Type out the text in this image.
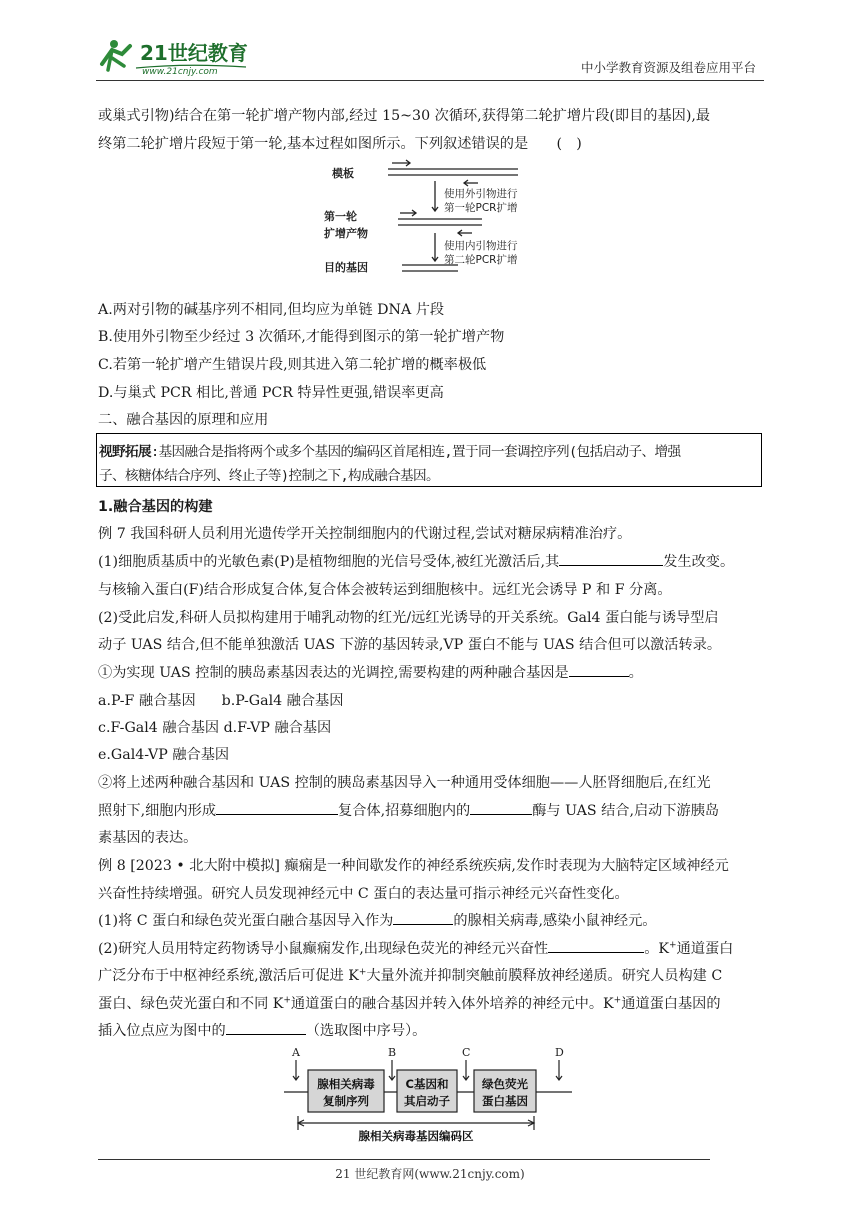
21世纪教育
www.21cnjy.com	中小学教育资源及组卷应用平台
或巢式引物)结合在第一轮扩增产物内部,经过 15~30 次循环,获得第二轮扩增片段(即目的基因),最
终第二轮扩增片段短于第一轮,基本过程如图所示。下列叙述错误的是　　(　)
模板
第一轮
扩增产物
目的基因
使用外引物进行
第一轮PCR扩增
使用内引物进行
第二轮PCR扩增
A.两对引物的碱基序列不相同,但均应为单链 DNA 片段
B.使用外引物至少经过 3 次循环,才能得到图示的第一轮扩增产物
C.若第一轮扩增产生错误片段,则其进入第二轮扩增的概率极低
D.与巢式 PCR 相比,普通 PCR 特异性更强,错误率更高
二、融合基因的原理和应用
视野拓展:基因融合是指将两个或多个基因的编码区首尾相连,置于同一套调控序列(包括启动子、增强
子、核糖体结合序列、终止子等)控制之下,构成融合基因。
1.融合基因的构建
例 7 我国科研人员利用光遗传学开关控制细胞内的代谢过程,尝试对糖尿病精准治疗。
(1)细胞质基质中的光敏色素(P)是植物细胞的光信号受体,被红光激活后,其	发生改变。
与核输入蛋白(F)结合形成复合体,复合体会被转运到细胞核中。远红光会诱导 P 和 F 分离。
(2)受此启发,科研人员拟构建用于哺乳动物的红光/远红光诱导的开关系统。Gal4 蛋白能与诱导型启
动子 UAS 结合,但不能单独激活 UAS 下游的基因转录,VP 蛋白不能与 UAS 结合但可以激活转录。
①为实现 UAS 控制的胰岛素基因表达的光调控,需要构建的两种融合基因是	。
a.P-F 融合基因 b.P-Gal4 融合基因
c.F-Gal4 融合基因 d.F-VP 融合基因
e.Gal4-VP 融合基因
②将上述两种融合基因和 UAS 控制的胰岛素基因导入一种通用受体细胞——人胚肾细胞后,在红光
照射下,细胞内形成	复合体,招募细胞内的	酶与 UAS 结合,启动下游胰岛
素基因的表达。
例 8 [2023 • 北大附中模拟] 癫痫是一种间歇发作的神经系统疾病,发作时表现为大脑特定区域神经元
兴奋性持续增强。研究人员发现神经元中 C 蛋白的表达量可指示神经元兴奋性变化。
(1)将 C 蛋白和绿色荧光蛋白融合基因导入作为	的腺相关病毒,感染小鼠神经元。
(2)研究人员用特定药物诱导小鼠癫痫发作,出现绿色荧光的神经元兴奋性	。K+通道蛋白
广泛分布于中枢神经系统,激活后可促进 K+大量外流并抑制突触前膜释放神经递质。研究人员构建 C
蛋白、绿色荧光蛋白和不同 K+通道蛋白的融合基因并转入体外培养的神经元中。K+通道蛋白基因的
插入位点应为图中的	（选取图中序号）。
A	B	C	D
腺相关病毒
复制序列
C基因和
其启动子
绿色荧光
蛋白基因
腺相关病毒基因编码区
21 世纪教育网(www.21cnjy.com)
